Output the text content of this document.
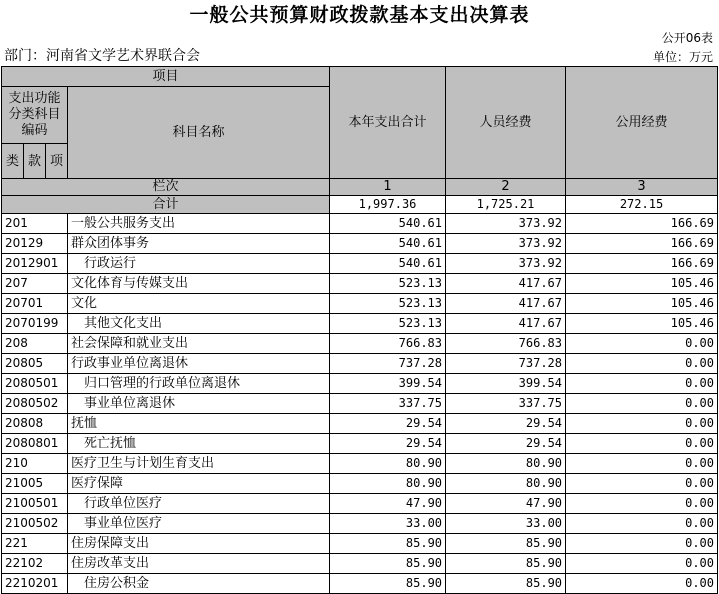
一般公共预算财政拨款基本支出决算表
公开06表
部门：河南省文学艺术界联合会	单位：万元
项目				本年支出合计	人员经费	公用经费
支出功能分类科目编码			科目名称			

类	款	项				
栏次				1	2	3
合计				1,997.36	1,725.21	272.15
201			一般公共服务支出	540.61	373.92	166.69
20129			群众团体事务	540.61	373.92	166.69
2012901			行政运行	540.61	373.92	166.69
207			文化体育与传媒支出	523.13	417.67	105.46
20701			文化	523.13	417.67	105.46
2070199			其他文化支出	523.13	417.67	105.46
208			社会保障和就业支出	766.83	766.83	0.00
20805			行政事业单位离退休	737.28	737.28	0.00
2080501			归口管理的行政单位离退休	399.54	399.54	0.00
2080502			事业单位离退休	337.75	337.75	0.00
20808			抚恤	29.54	29.54	0.00
2080801			死亡抚恤	29.54	29.54	0.00
210			医疗卫生与计划生育支出	80.90	80.90	0.00
21005			医疗保障	80.90	80.90	0.00
2100501			行政单位医疗	47.90	47.90	0.00
2100502			事业单位医疗	33.00	33.00	0.00
221			住房保障支出	85.90	85.90	0.00
22102			住房改革支出	85.90	85.90	0.00
2210201			住房公积金	85.90	85.90	0.00
